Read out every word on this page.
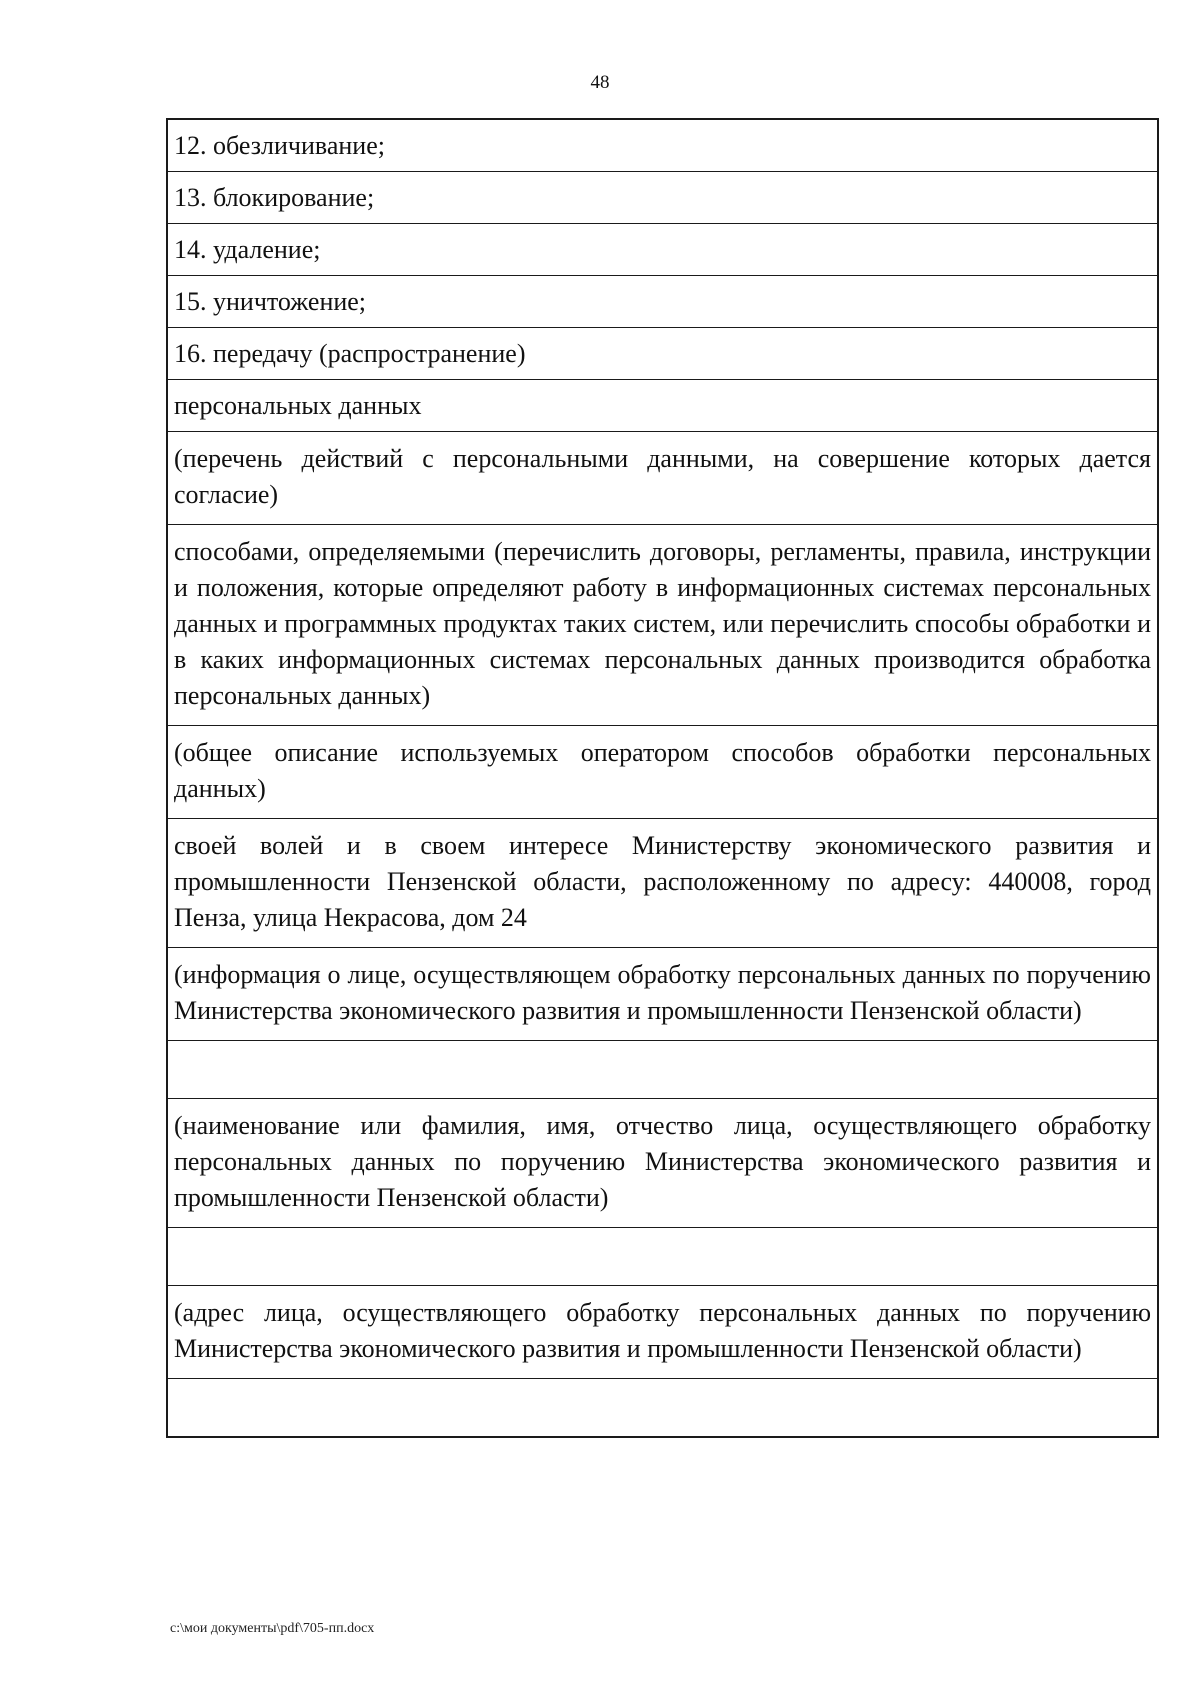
48
12. обезличивание;
13. блокирование;
14. удаление;
15. уничтожение;
16. передачу (распространение)
персональных данных
(перечень действий с персональными данными, на совершение которых дается согласие)
способами, определяемыми (перечислить договоры, регламенты, правила, инструкции и положения, которые определяют работу в информационных системах персональных данных и программных продуктах таких систем, или перечислить способы обработки и в каких информационных системах персональных данных производится обработка персональных данных)
(общее описание используемых оператором способов обработки персональных данных)
своей волей и в своем интересе Министерству экономического развития и промышленности Пензенской области, расположенному по адресу: 440008, город Пенза, улица Некрасова, дом 24
(информация о лице, осуществляющем обработку персональных данных по поручению Министерства экономического развития и промышленности Пензенской области)

(наименование или фамилия, имя, отчество лица, осуществляющего обработку персональных данных по поручению Министерства экономического развития и промышленности Пензенской области)

(адрес лица, осуществляющего обработку персональных данных по поручению Министерства экономического развития и промышленности Пензенской области)

c:\мои документы\pdf\705-пп.docx
